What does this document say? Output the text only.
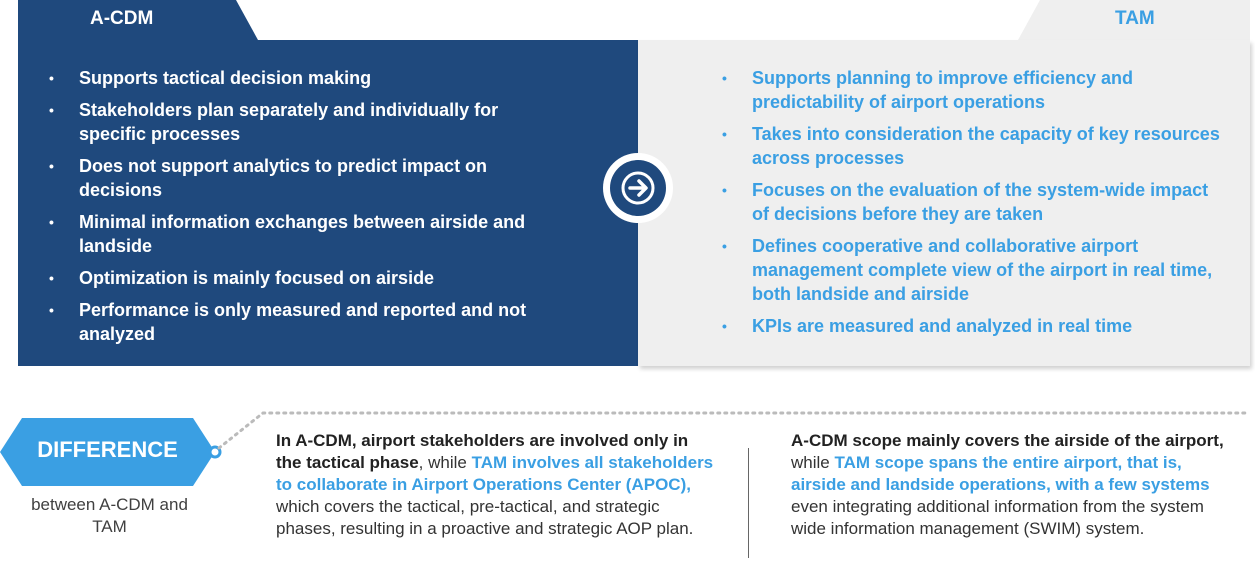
A-CDM	TAM
•	Supports tactical decision making
•	Stakeholders plan separately and individually for specific processes
•	Does not support analytics to predict impact on decisions
•	Minimal information exchanges between airside and landside
•	Optimization is mainly focused on airside
•	Performance is only measured and reported and not analyzed
•	Supports planning to improve efficiency and predictability of airport operations
•	Takes into consideration the capacity of key resources across processes
•	Focuses on the evaluation of the system-wide impact of decisions before they are taken
•	Defines cooperative and collaborative airport management complete view of the airport in real time, both landside and airside
•	KPIs are measured and analyzed in real time
DIFFERENCE
between A-CDM and TAM
In A-CDM, airport stakeholders are involved only in the tactical phase, while TAM involves all stakeholders to collaborate in Airport Operations Center (APOC), which covers the tactical, pre-tactical, and strategic phases, resulting in a proactive and strategic AOP plan.
A-CDM scope mainly covers the airside of the airport, while TAM scope spans the entire airport, that is, airside and landside operations, with a few systems even integrating additional information from the system wide information management (SWIM) system.
